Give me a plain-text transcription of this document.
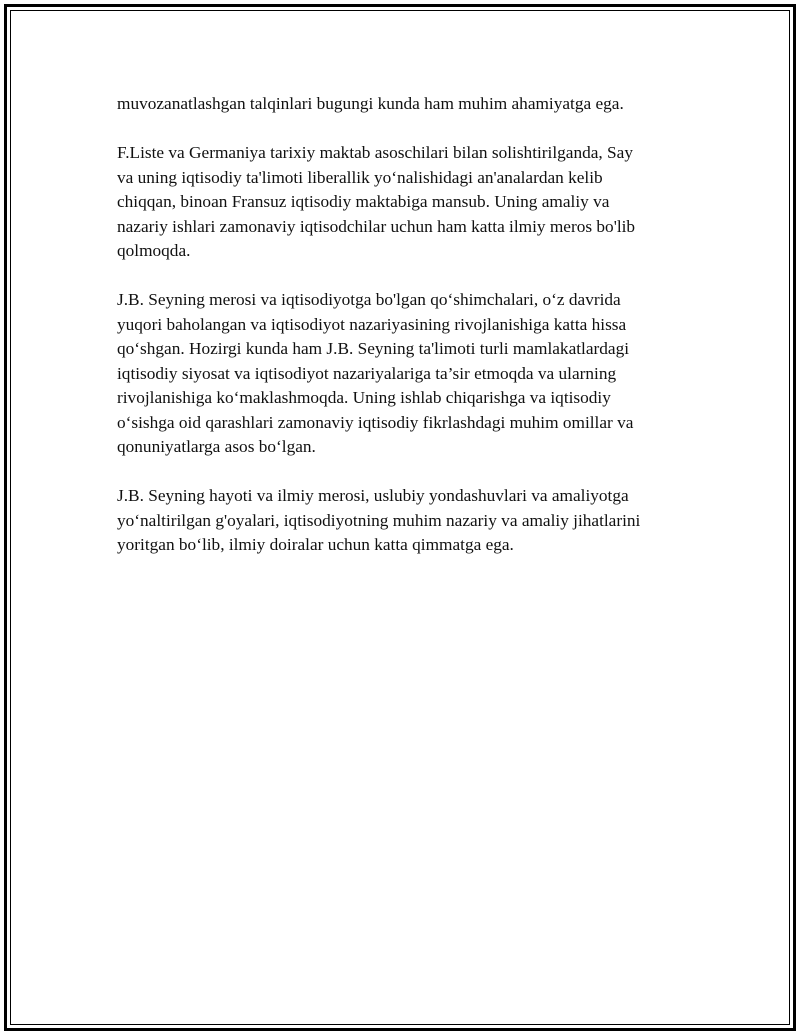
muvozanatlashgan talqinlari bugungi kunda ham muhim ahamiyatga ega.

F.Liste va Germaniya tarixiy maktab asoschilari bilan solishtirilganda, Say
va uning iqtisodiy ta'limoti liberallik yo‘nalishidagi an'analardan kelib
chiqqan, binoan Fransuz iqtisodiy maktabiga mansub. Uning amaliy va
nazariy ishlari zamonaviy iqtisodchilar uchun ham katta ilmiy meros bo'lib
qolmoqda.

J.B. Seyning merosi va iqtisodiyotga bo'lgan qo‘shimchalari, o‘z davrida
yuqori baholangan va iqtisodiyot nazariyasining rivojlanishiga katta hissa
qo‘shgan. Hozirgi kunda ham J.B. Seyning ta'limoti turli mamlakatlardagi
iqtisodiy siyosat va iqtisodiyot nazariyalariga ta’sir etmoqda va ularning
rivojlanishiga ko‘maklashmoqda. Uning ishlab chiqarishga va iqtisodiy
o‘sishga oid qarashlari zamonaviy iqtisodiy fikrlashdagi muhim omillar va
qonuniyatlarga asos bo‘lgan.

J.B. Seyning hayoti va ilmiy merosi, uslubiy yondashuvlari va amaliyotga
yo‘naltirilgan g'oyalari, iqtisodiyotning muhim nazariy va amaliy jihatlarini
yoritgan bo‘lib, ilmiy doiralar uchun katta qimmatga ega.
